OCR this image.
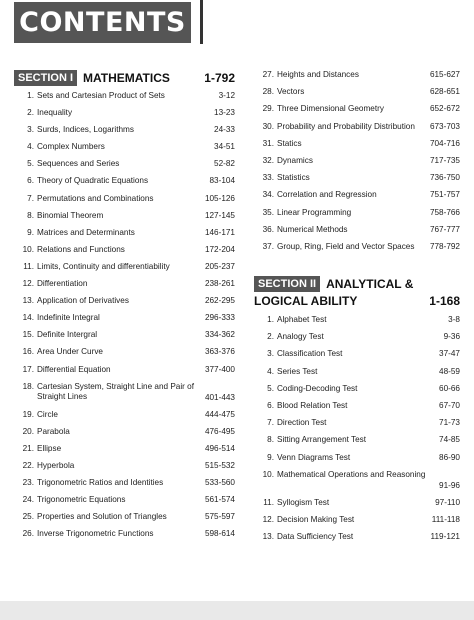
CONTENTS
SECTION I MATHEMATICS	1-792
1. Sets and Cartesian Product of Sets	3-12
2. Inequality	13-23
3. Surds, Indices, Logarithms	24-33
4. Complex Numbers	34-51
5. Sequences and Series	52-82
6. Theory of Quadratic Equations	83-104
7. Permutations and Combinations	105-126
8. Binomial Theorem	127-145
9. Matrices and Determinants	146-171
10. Relations and Functions	172-204
11. Limits, Continuity and differentiability	205-237
12. Differentiation	238-261
13. Application of Derivatives	262-295
14. Indefinite Integral	296-333
15. Definite Intergral	334-362
16. Area Under Curve	363-376
17. Differential Equation	377-400
18. Cartesian System, Straight Line and Pair of Straight Lines	401-443
19. Circle	444-475
20. Parabola	476-495
21. Ellipse	496-514
22. Hyperbola	515-532
23. Trigonometric Ratios and Identities	533-560
24. Trigonometric Equations	561-574
25. Properties and Solution of Triangles	575-597
26. Inverse Trigonometric Functions	598-614
27. Heights and Distances	615-627
28. Vectors	628-651
29. Three Dimensional Geometry	652-672
30. Probability and Probability Distribution	673-703
31. Statics	704-716
32. Dynamics	717-735
33. Statistics	736-750
34. Correlation and Regression	751-757
35. Linear Programming	758-766
36. Numerical Methods	767-777
37. Group, Ring, Field and Vector Spaces	778-792
SECTION II ANALYTICAL &
LOGICAL ABILITY	1-168
1. Alphabet Test	3-8
2. Analogy Test	9-36
3. Classification Test	37-47
4. Series Test	48-59
5. Coding-Decoding Test	60-66
6. Blood Relation Test	67-70
7. Direction Test	71-73
8. Sitting Arrangement Test	74-85
9. Venn Diagrams Test	86-90
10. Mathematical Operations and Reasoning
91-96
11. Syllogism Test	97-110
12. Decision Making Test	111-118
13. Data Sufficiency Test	119-121
